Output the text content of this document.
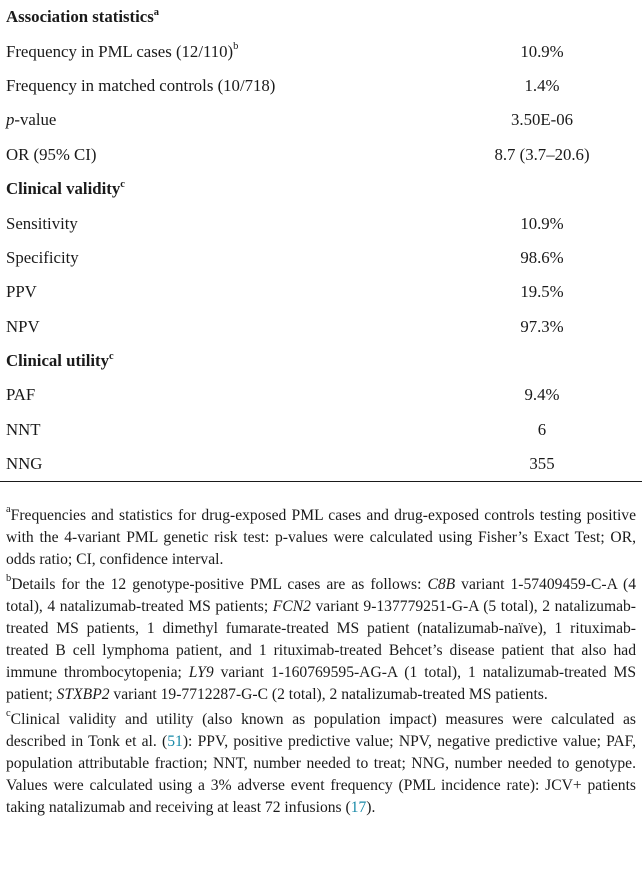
Association statistics$^a$
Frequency in PML cases $(12/110)^b$	10.9%
Frequency in matched controls (10/718)	1.4%
p-value	3.50E-06
OR (95% CI)	8.7 (3.7–20.6)
Clinical validity$^c$
Sensitivity	10.9%
Specificity	98.6%
PPV	19.5%
NPV	97.3%
Clinical utility$^c$
PAF	9.4%
NNT	6
NNG	355

$^a$Frequencies and statistics for drug-exposed PML cases and drug-exposed controls testing positive with the 4-variant PML genetic risk test: p-values were calculated using Fisher’s Exact Test; OR, odds ratio; CI, confidence interval.

$^b$Details for the 12 genotype-positive PML cases are as follows: C8B variant 1-57409459-C-A (4 total), 4 natalizumab-treated MS patients; FCN2 variant 9-137779251-G-A (5 total), 2 natalizumab-treated MS patients, 1 dimethyl fumarate-treated MS patient (natalizumab-naïve), 1 rituximab-treated B cell lymphoma patient, and 1 rituximab-treated Behcet’s disease patient that also had immune thrombocytopenia; LY9 variant 1-160769595-AG-A (1 total), 1 natalizumab-treated MS patient; STXBP2 variant 19-7712287-G-C (2 total), 2 natalizumab-treated MS patients.

$^c$Clinical validity and utility (also known as population impact) measures were calculated as described in Tonk et al. (51): PPV, positive predictive value; NPV, negative predictive value; PAF, population attributable fraction; NNT, number needed to treat; NNG, number needed to genotype. Values were calculated using a 3% adverse event frequency (PML incidence rate): JCV+ patients taking natalizumab and receiving at least 72 infusions (17).
